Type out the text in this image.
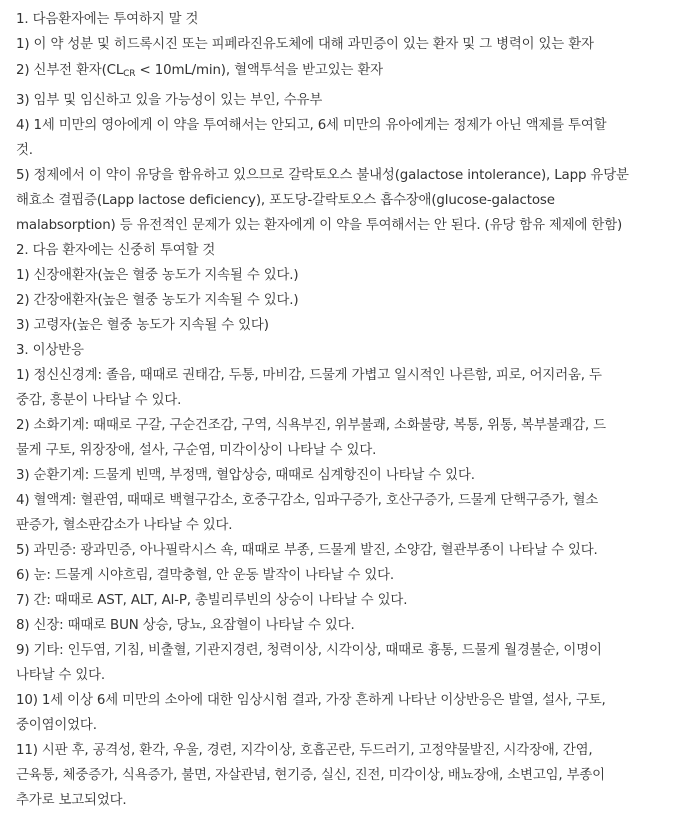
1. 다음환자에는 투여하지 말 것
1) 이 약 성분 및 히드록시진 또는 피페라진유도체에 대해 과민증이 있는 환자 및 그 병력이 있는 환자
2) 신부전 환자$(CL_{CR} < 10mL/\min)$, 혈액투석을 받고있는 환자
3) 임부 및 임신하고 있을 가능성이 있는 부인, 수유부
4) 1세 미만의 영아에게 이 약을 투여해서는 안되고, 6세 미만의 유아에게는 정제가 아닌 액제를 투여할
것.
5) 정제에서 이 약이 유당을 함유하고 있으므로 갈락토오스 불내성(galactose intolerance), Lapp 유당분
해효소 결핍증(Lapp lactose deficiency), 포도당-갈락토오스 흡수장애(glucose-galactose
malabsorption) 등 유전적인 문제가 있는 환자에게 이 약을 투여해서는 안 된다. (유당 함유 제제에 한함)
2. 다음 환자에는 신중히 투여할 것
1) 신장애환자(높은 혈중 농도가 지속될 수 있다.)
2) 간장애환자(높은 혈중 농도가 지속될 수 있다.)
3) 고령자(높은 혈중 농도가 지속될 수 있다)
3. 이상반응
1) 정신신경계: 졸음, 때때로 권태감, 두통, 마비감, 드물게 가볍고 일시적인 나른함, 피로, 어지러움, 두
중감, 흥분이 나타날 수 있다.
2) 소화기계: 때때로 구갈, 구순건조감, 구역, 식욕부진, 위부불쾌, 소화불량, 복통, 위통, 복부불쾌감, 드
물게 구토, 위장장애, 설사, 구순염, 미각이상이 나타날 수 있다.
3) 순환기계: 드물게 빈맥, 부정맥, 혈압상승, 때때로 심계항진이 나타날 수 있다.
4) 혈액계: 혈관염, 때때로 백혈구감소, 호중구감소, 임파구증가, 호산구증가, 드물게 단핵구증가, 혈소
판증가, 혈소판감소가 나타날 수 있다.
5) 과민증: 광과민증, 아나필락시스 쇽, 때때로 부종, 드물게 발진, 소양감, 혈관부종이 나타날 수 있다.
6) 눈: 드물게 시야흐림, 결막충혈, 안 운동 발작이 나타날 수 있다.
7) 간: 때때로 AST, ALT, Al-P, 총빌리루빈의 상승이 나타날 수 있다.
8) 신장: 때때로 BUN 상승, 당뇨, 요잠혈이 나타날 수 있다.
9) 기타: 인두염, 기침, 비출혈, 기관지경련, 청력이상, 시각이상, 때때로 흉통, 드물게 월경불순, 이명이
나타날 수 있다.
10) 1세 이상 6세 미만의 소아에 대한 임상시험 결과, 가장 흔하게 나타난 이상반응은 발열, 설사, 구토,
중이염이었다.
11) 시판 후, 공격성, 환각, 우울, 경련, 지각이상, 호흡곤란, 두드러기, 고정약물발진, 시각장애, 간염,
근육통, 체중증가, 식욕증가, 불면, 자살관념, 현기증, 실신, 진전, 미각이상, 배뇨장애, 소변고임, 부종이
추가로 보고되었다.
